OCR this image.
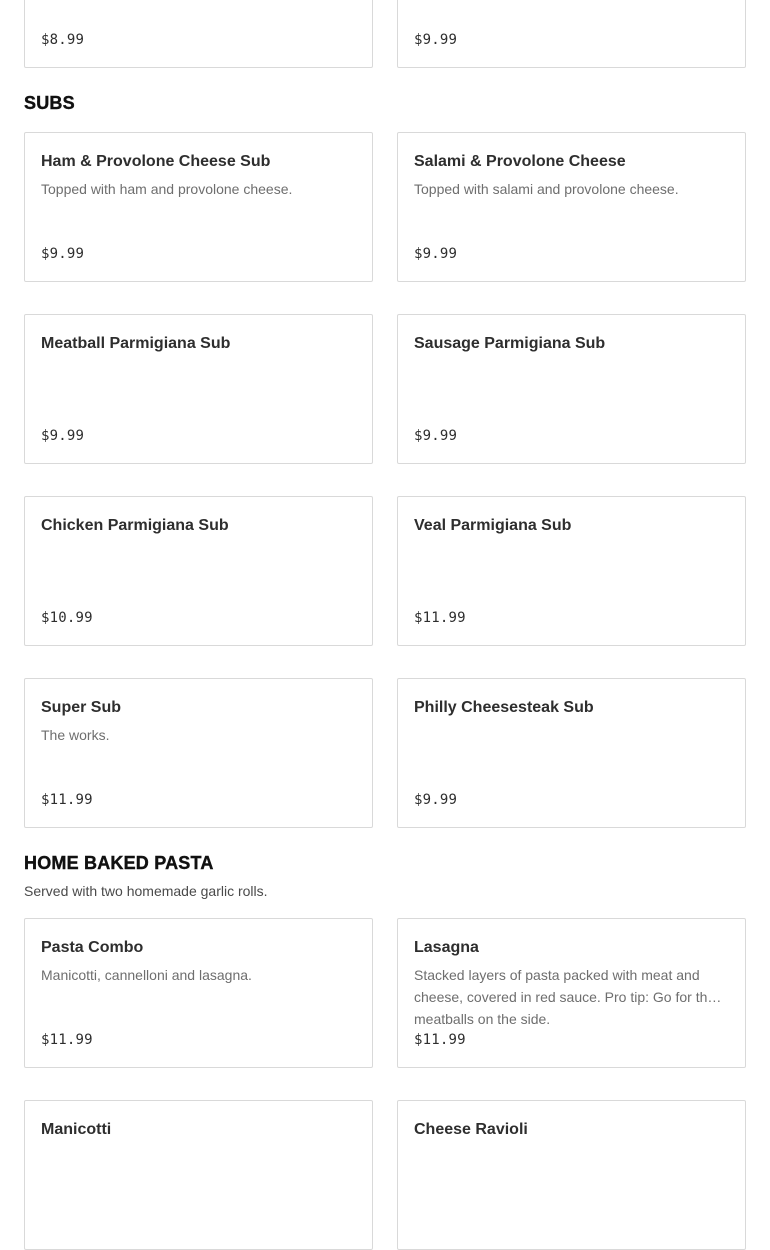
$8.99	$9.99
SUBS
Ham & Provolone Cheese Sub
Topped with ham and provolone cheese.
$9.99
Salami & Provolone Cheese
Topped with salami and provolone cheese.
$9.99
Meatball Parmigiana Sub
$9.99
Sausage Parmigiana Sub
$9.99
Chicken Parmigiana Sub
$10.99
Veal Parmigiana Sub
$11.99
Super Sub
The works.
$11.99
Philly Cheesesteak Sub
$9.99
HOME BAKED PASTA

Served with two homemade garlic rolls.

Pasta Combo
Manicotti, cannelloni and lasagna.
$11.99
Lasagna
Stacked layers of pasta packed with meat and cheese, covered in red sauce. Pro tip: Go for the meatballs on the side.
$11.99
Manicotti	Cheese Ravioli
